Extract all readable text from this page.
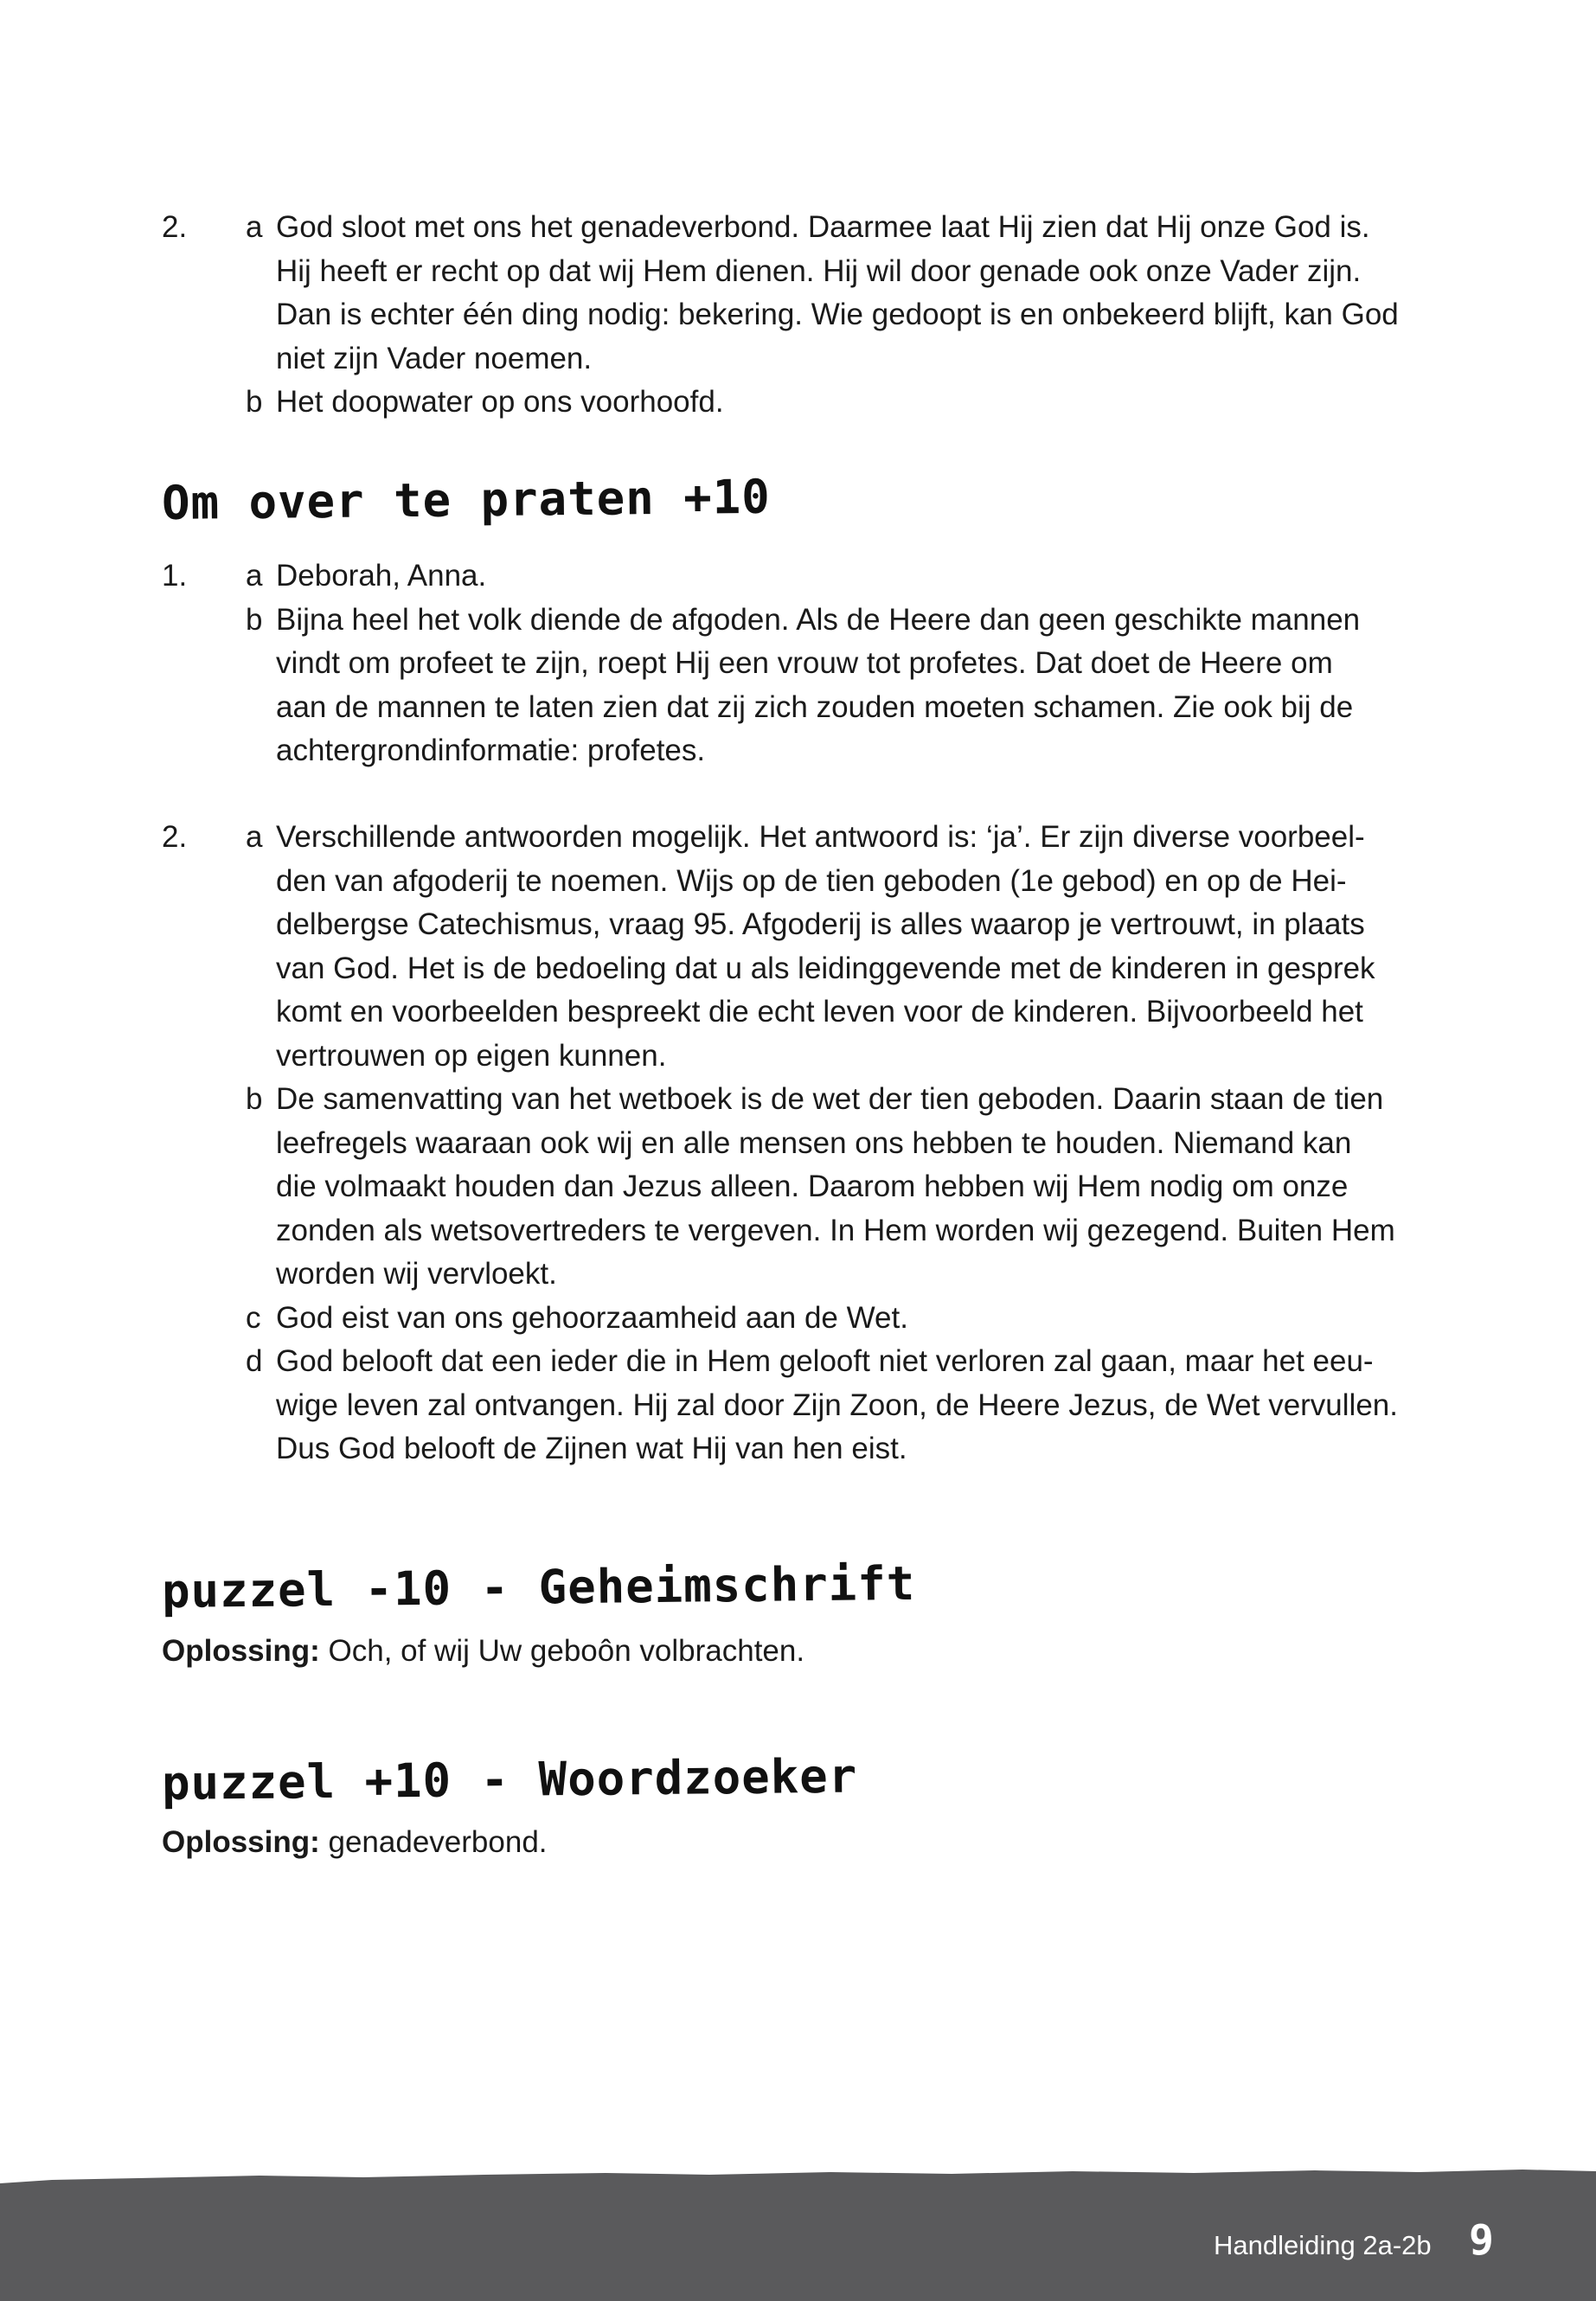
2. a God sloot met ons het genadeverbond. Daarmee laat Hij zien dat Hij onze God is.
Hij heeft er recht op dat wij Hem dienen. Hij wil door genade ook onze Vader zijn.
Dan is echter één ding nodig: bekering. Wie gedoopt is en onbekeerd blijft, kan God
niet zijn Vader noemen.
b Het doopwater op ons voorhoofd.
Om over te praten +10
1. a Deborah, Anna.
b Bijna heel het volk diende de afgoden. Als de Heere dan geen geschikte mannen
vindt om profeet te zijn, roept Hij een vrouw tot profetes. Dat doet de Heere om
aan de mannen te laten zien dat zij zich zouden moeten schamen. Zie ook bij de
achtergrondinformatie: profetes.
2. a Verschillende antwoorden mogelijk. Het antwoord is: ‘ja’. Er zijn diverse voorbeel-
den van afgoderij te noemen. Wijs op de tien geboden (1e gebod) en op de Hei-
delbergse Catechismus, vraag 95. Afgoderij is alles waarop je vertrouwt, in plaats
van God. Het is de bedoeling dat u als leidinggevende met de kinderen in gesprek
komt en voorbeelden bespreekt die echt leven voor de kinderen. Bijvoorbeeld het
vertrouwen op eigen kunnen.
b De samenvatting van het wetboek is de wet der tien geboden. Daarin staan de tien
leefregels waaraan ook wij en alle mensen ons hebben te houden. Niemand kan
die volmaakt houden dan Jezus alleen. Daarom hebben wij Hem nodig om onze
zonden als wetsovertreders te vergeven. In Hem worden wij gezegend. Buiten Hem
worden wij vervloekt.
c God eist van ons gehoorzaamheid aan de Wet.
d God belooft dat een ieder die in Hem gelooft niet verloren zal gaan, maar het eeu-
wige leven zal ontvangen. Hij zal door Zijn Zoon, de Heere Jezus, de Wet vervullen.
Dus God belooft de Zijnen wat Hij van hen eist.
puzzel -10 - Geheimschrift
Oplossing: Och, of wij Uw geboôn volbrachten.
puzzel +10 - Woordzoeker
Oplossing: genadeverbond.
Handleiding 2a-2b 9
